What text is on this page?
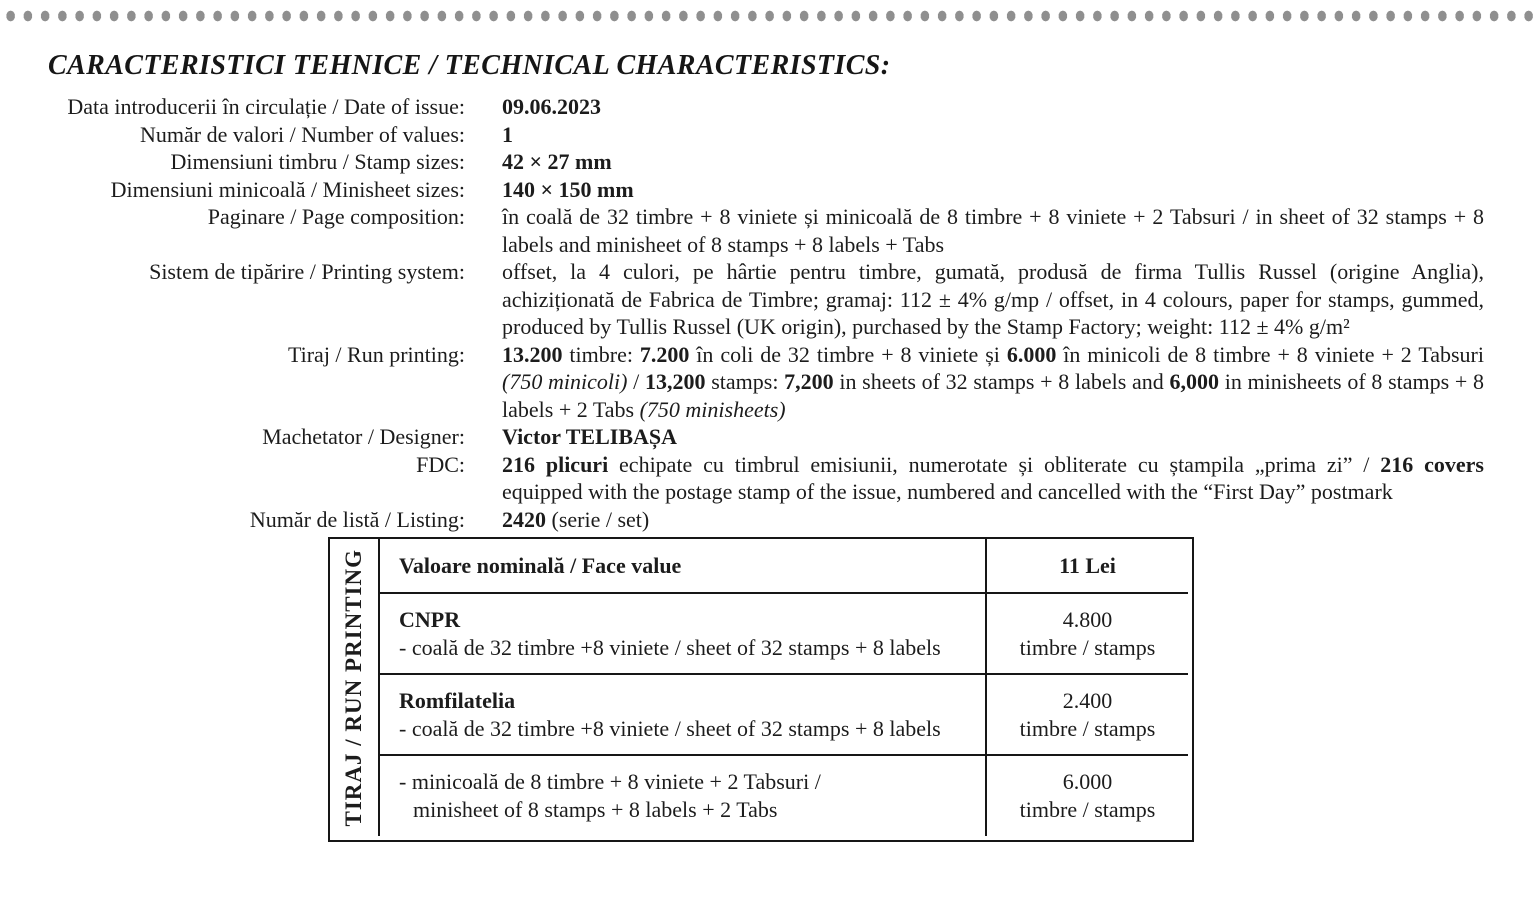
CARACTERISTICI TEHNICE / TECHNICAL CHARACTERISTICS:
Data introducerii în circulație / Date of issue: 09.06.2023
Număr de valori / Number of values: 1
Dimensiuni timbru / Stamp sizes: 42 × 27 mm
Dimensiuni minicoală / Minisheet sizes: 140 × 150 mm
Paginare / Page composition: în coală de 32 timbre + 8 viniete și minicoală de 8 timbre + 8 viniete + 2 Tabsuri / in sheet of 32 stamps + 8 labels and minisheet of 8 stamps + 8 labels + Tabs
Sistem de tipărire / Printing system: offset, la 4 culori, pe hârtie pentru timbre, gumată, produsă de firma Tullis Russel (origine Anglia), achiziționată de Fabrica de Timbre; gramaj: 112 ± 4% g/mp / offset, in 4 colours, paper for stamps, gummed, produced by Tullis Russel (UK origin), purchased by the Stamp Factory; weight: 112 ± 4% g/m²
Tiraj / Run printing: 13.200 timbre: 7.200 în coli de 32 timbre + 8 viniete și 6.000 în minicoli de 8 timbre + 8 viniete + 2 Tabsuri (750 minicoli) / 13,200 stamps: 7,200 in sheets of 32 stamps + 8 labels and 6,000 in minisheets of 8 stamps + 8 labels + 2 Tabs (750 minisheets)
Machetator / Designer: Victor TELIBAȘA
FDC: 216 plicuri echipate cu timbrul emisiunii, numerotate și obliterate cu ștampila „prima zi” / 216 covers equipped with the postage stamp of the issue, numbered and cancelled with the “First Day” postmark
Număr de listă / Listing: 2420 (serie / set)
TIRAJ / RUN PRINTING	Valoare nominală / Face value	11 Lei
CNPR
- coală de 32 timbre +8 viniete / sheet of 32 stamps + 8 labels
4.800
timbre / stamps
Romfilatelia
- coală de 32 timbre +8 viniete / sheet of 32 stamps + 8 labels
2.400
timbre / stamps
- minicoală de 8 timbre + 8 viniete + 2 Tabsuri /
minisheet of 8 stamps + 8 labels + 2 Tabs
6.000
timbre / stamps
